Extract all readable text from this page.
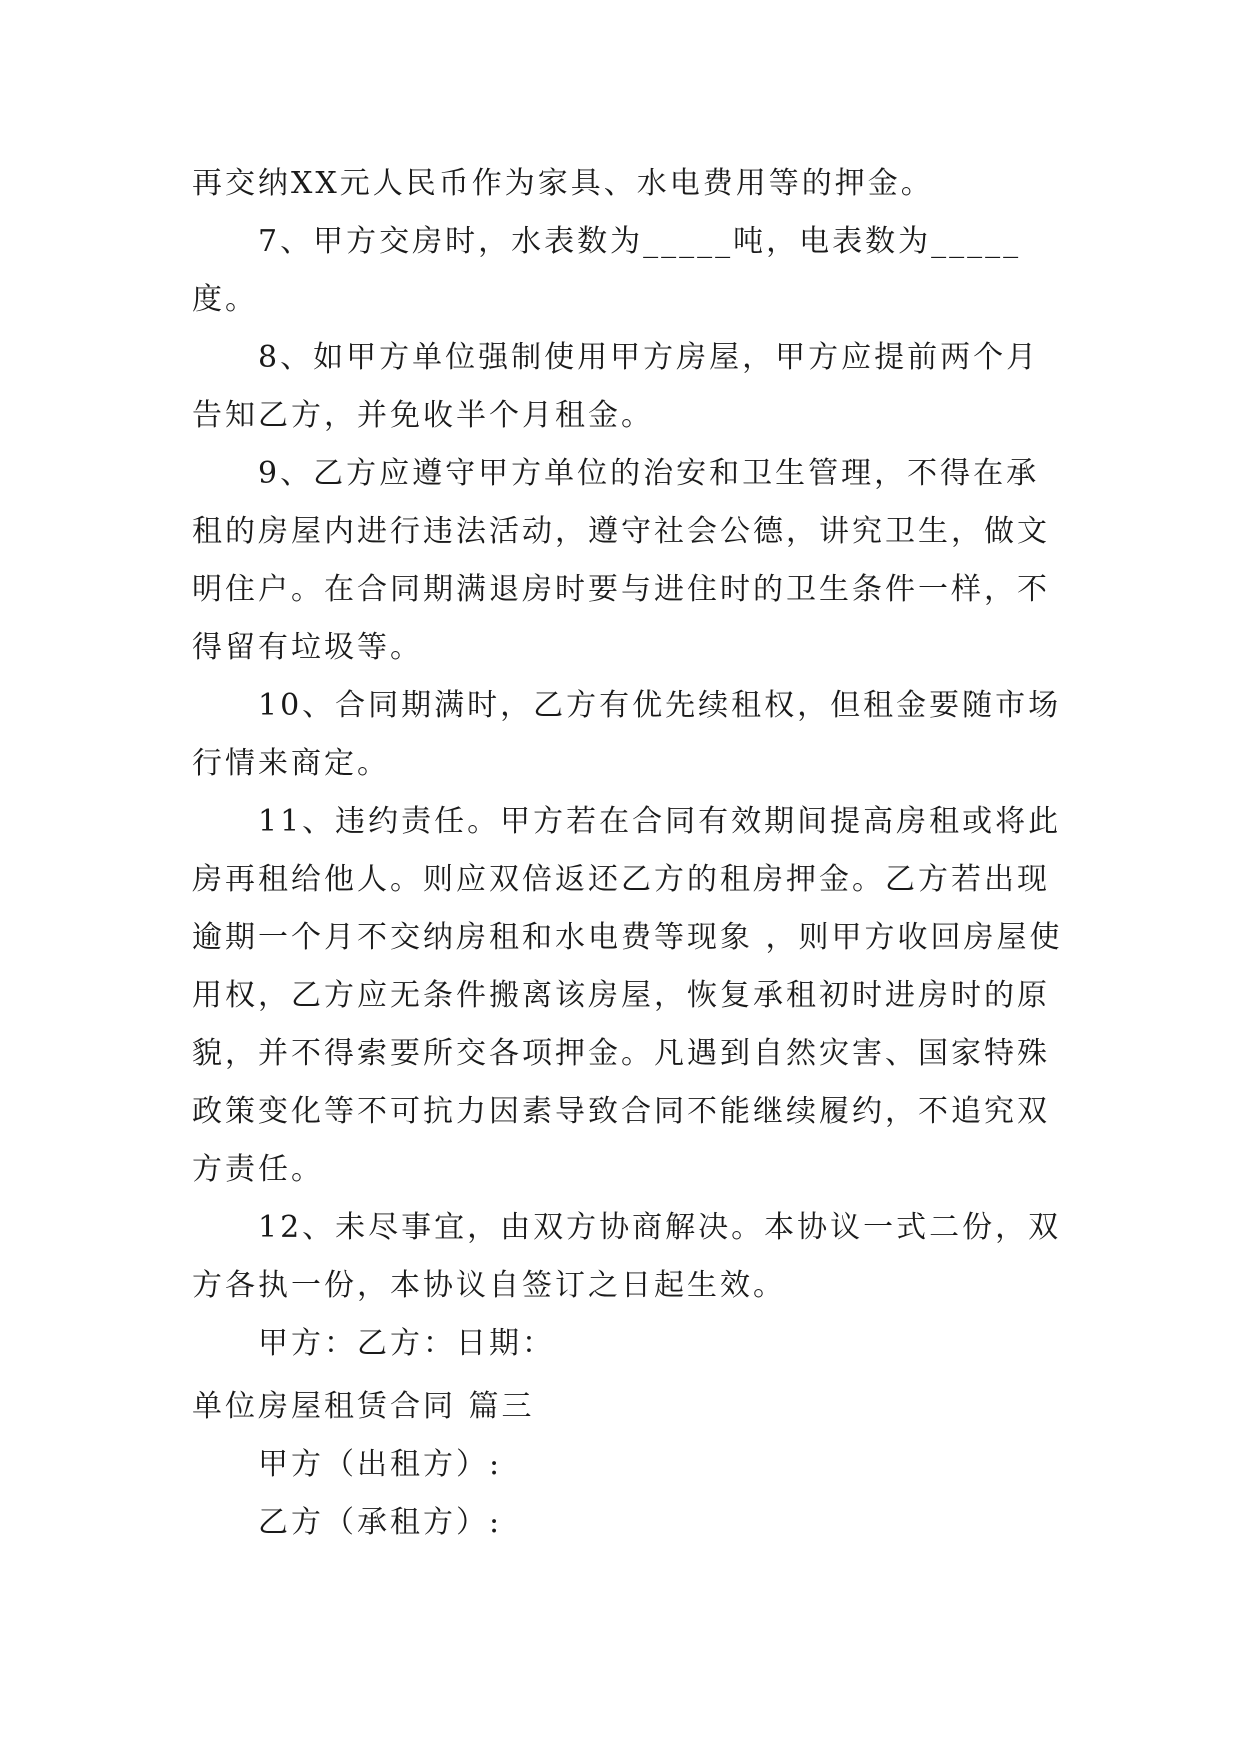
再交纳XX元人民币作为家具、水电费用等的押金。

7、甲方交房时，水表数为_____吨，电表数为_____度。

8、如甲方单位强制使用甲方房屋，甲方应提前两个月告知乙方，并免收半个月租金。

9、乙方应遵守甲方单位的治安和卫生管理，不得在承租的房屋内进行违法活动，遵守社会公德，讲究卫生，做文明住户。在合同期满退房时要与进住时的卫生条件一样，不得留有垃圾等。

10、合同期满时，乙方有优先续租权，但租金要随市场行情来商定。

11、违约责任。甲方若在合同有效期间提高房租或将此房再租给他人。则应双倍返还乙方的租房押金。乙方若出现逾期一个月不交纳房租和水电费等现象 ，则甲方收回房屋使用权，乙方应无条件搬离该房屋，恢复承租初时进房时的原貌，并不得索要所交各项押金。凡遇到自然灾害、国家特殊政策变化等不可抗力因素导致合同不能继续履约，不追究双方责任。

12、未尽事宜，由双方协商解决。本协议一式二份，双方各执一份，本协议自签订之日起生效。

甲方：乙方：日期：

单位房屋租赁合同 篇三

甲方（出租方）:

乙方（承租方）:
